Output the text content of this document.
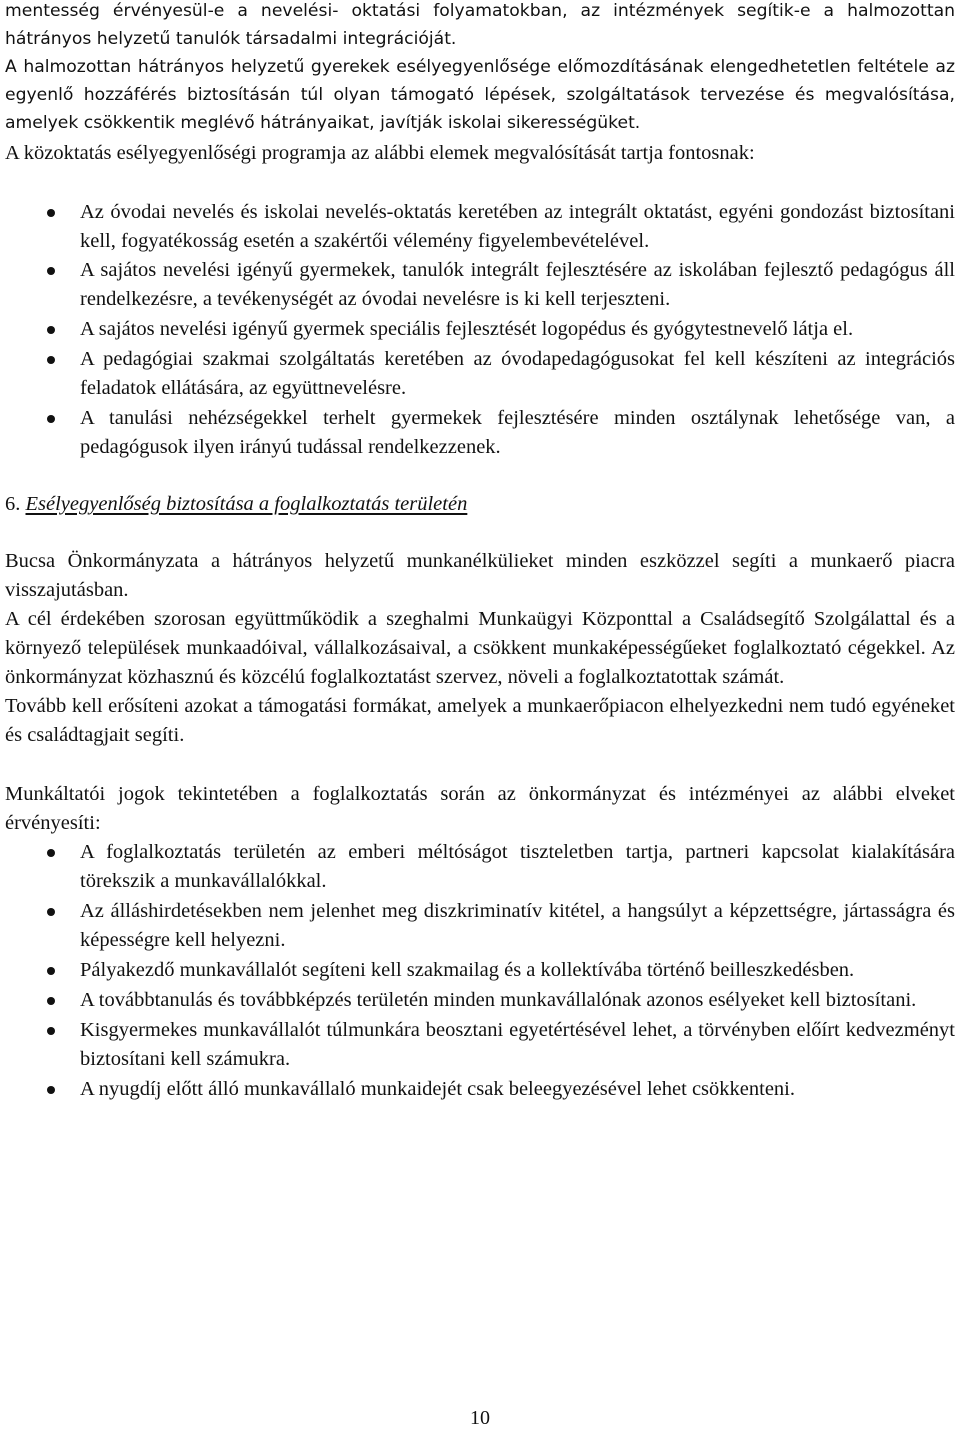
mentesség érvényesül-e a nevelési- oktatási folyamatokban, az intézmények segítik-e a halmozottan hátrányos helyzetű tanulók társadalmi integrációját.

A halmozottan hátrányos helyzetű gyerekek esélyegyenlősége előmozdításának elengedhetetlen feltétele az egyenlő hozzáférés biztosításán túl olyan támogató lépések, szolgáltatások tervezése és megvalósítása, amelyek csökkentik meglévő hátrányaikat, javítják iskolai sikerességüket.

A közoktatás esélyegyenlőségi programja az alábbi elemek megvalósítását tartja fontosnak:

Az óvodai nevelés és iskolai nevelés-oktatás keretében az integrált oktatást, egyéni gondozást biztosítani kell, fogyatékosság esetén a szakértői vélemény figyelembevételével.
A sajátos nevelési igényű gyermekek, tanulók integrált fejlesztésére az iskolában fejlesztő pedagógus áll rendelkezésre, a tevékenységét az óvodai nevelésre is ki kell terjeszteni.
A sajátos nevelési igényű gyermek speciális fejlesztését logopédus és gyógytestnevelő látja el.
A pedagógiai szakmai szolgáltatás keretében az óvodapedagógusokat fel kell készíteni az integrációs feladatok ellátására, az együttnevelésre.
A tanulási nehézségekkel terhelt gyermekek fejlesztésére minden osztálynak lehetősége van, a pedagógusok ilyen irányú tudással rendelkezzenek.

6. Esélyegyenlőség biztosítása a foglalkoztatás területén

Bucsa Önkormányzata a hátrányos helyzetű munkanélkülieket minden eszközzel segíti a munkaerő piacra visszajutásban.

A cél érdekében szorosan együttműködik a szeghalmi Munkaügyi Központtal a Családsegítő Szolgálattal és a környező települések munkaadóival, vállalkozásaival, a csökkent munkaképességűeket foglalkoztató cégekkel. Az önkormányzat közhasznú és közcélú foglalkoztatást szervez, növeli a foglalkoztatottak számát.

Tovább kell erősíteni azokat a támogatási formákat, amelyek a munkaerőpiacon elhelyezkedni nem tudó egyéneket és családtagjait segíti.

Munkáltatói jogok tekintetében a foglalkoztatás során az önkormányzat és intézményei az alábbi elveket érvényesíti:

A foglalkoztatás területén az emberi méltóságot tiszteletben tartja, partneri kapcsolat kialakítására törekszik a munkavállalókkal.
Az álláshirdetésekben nem jelenhet meg diszkriminatív kitétel, a hangsúlyt a képzettségre, jártasságra és képességre kell helyezni.
Pályakezdő munkavállalót segíteni kell szakmailag és a kollektívába történő beilleszkedésben.
A továbbtanulás és továbbképzés területén minden munkavállalónak azonos esélyeket kell biztosítani.
Kisgyermekes munkavállalót túlmunkára beosztani egyetértésével lehet, a törvényben előírt kedvezményt biztosítani kell számukra.
A nyugdíj előtt álló munkavállaló munkaidejét csak beleegyezésével lehet csökkenteni.
10
